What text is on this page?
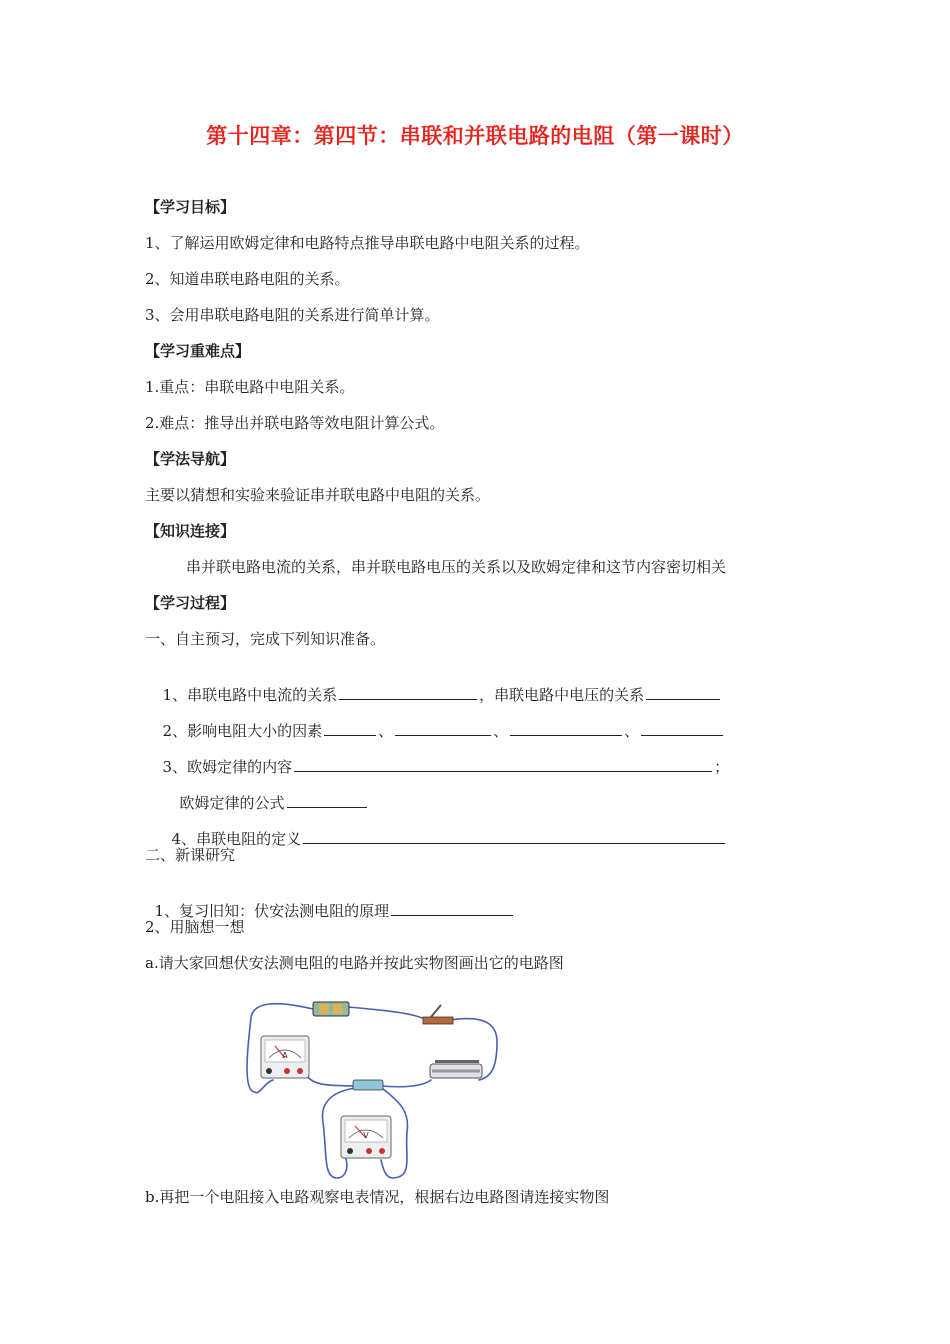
第十四章：第四节：串联和并联电路的电阻（第一课时）
【学习目标】
1、了解运用欧姆定律和电路特点推导串联电路中电阻关系的过程。
2、知道串联电路电阻的关系。
3、会用串联电路电阻的关系进行简单计算。
【学习重难点】
1.重点：串联电路中电阻关系。
2.难点：推导出并联电路等效电阻计算公式。
【学法导航】
主要以猜想和实验来验证串并联电路中电阻的关系。
【知识连接】
串并联电路电流的关系，串并联电路电压的关系以及欧姆定律和这节内容密切相关
【学习过程】
一、自主预习，完成下列知识准备。

1、串联电路中电流的关系	，串联电路中电压的关系

2、影响电阻大小的因素	、	、	、

3、欧姆定律的内容	；

欧姆定律的公式

4、串联电阻的定义

二、新课研究

1、复习旧知：伏安法测电阻的原理

2、用脑想一想
a.请大家回想伏安法测电阻的电路并按此实物图画出它的电路图
A
V
b.再把一个电阻接入电路观察电表情况，根据右边电路图请连接实物图
